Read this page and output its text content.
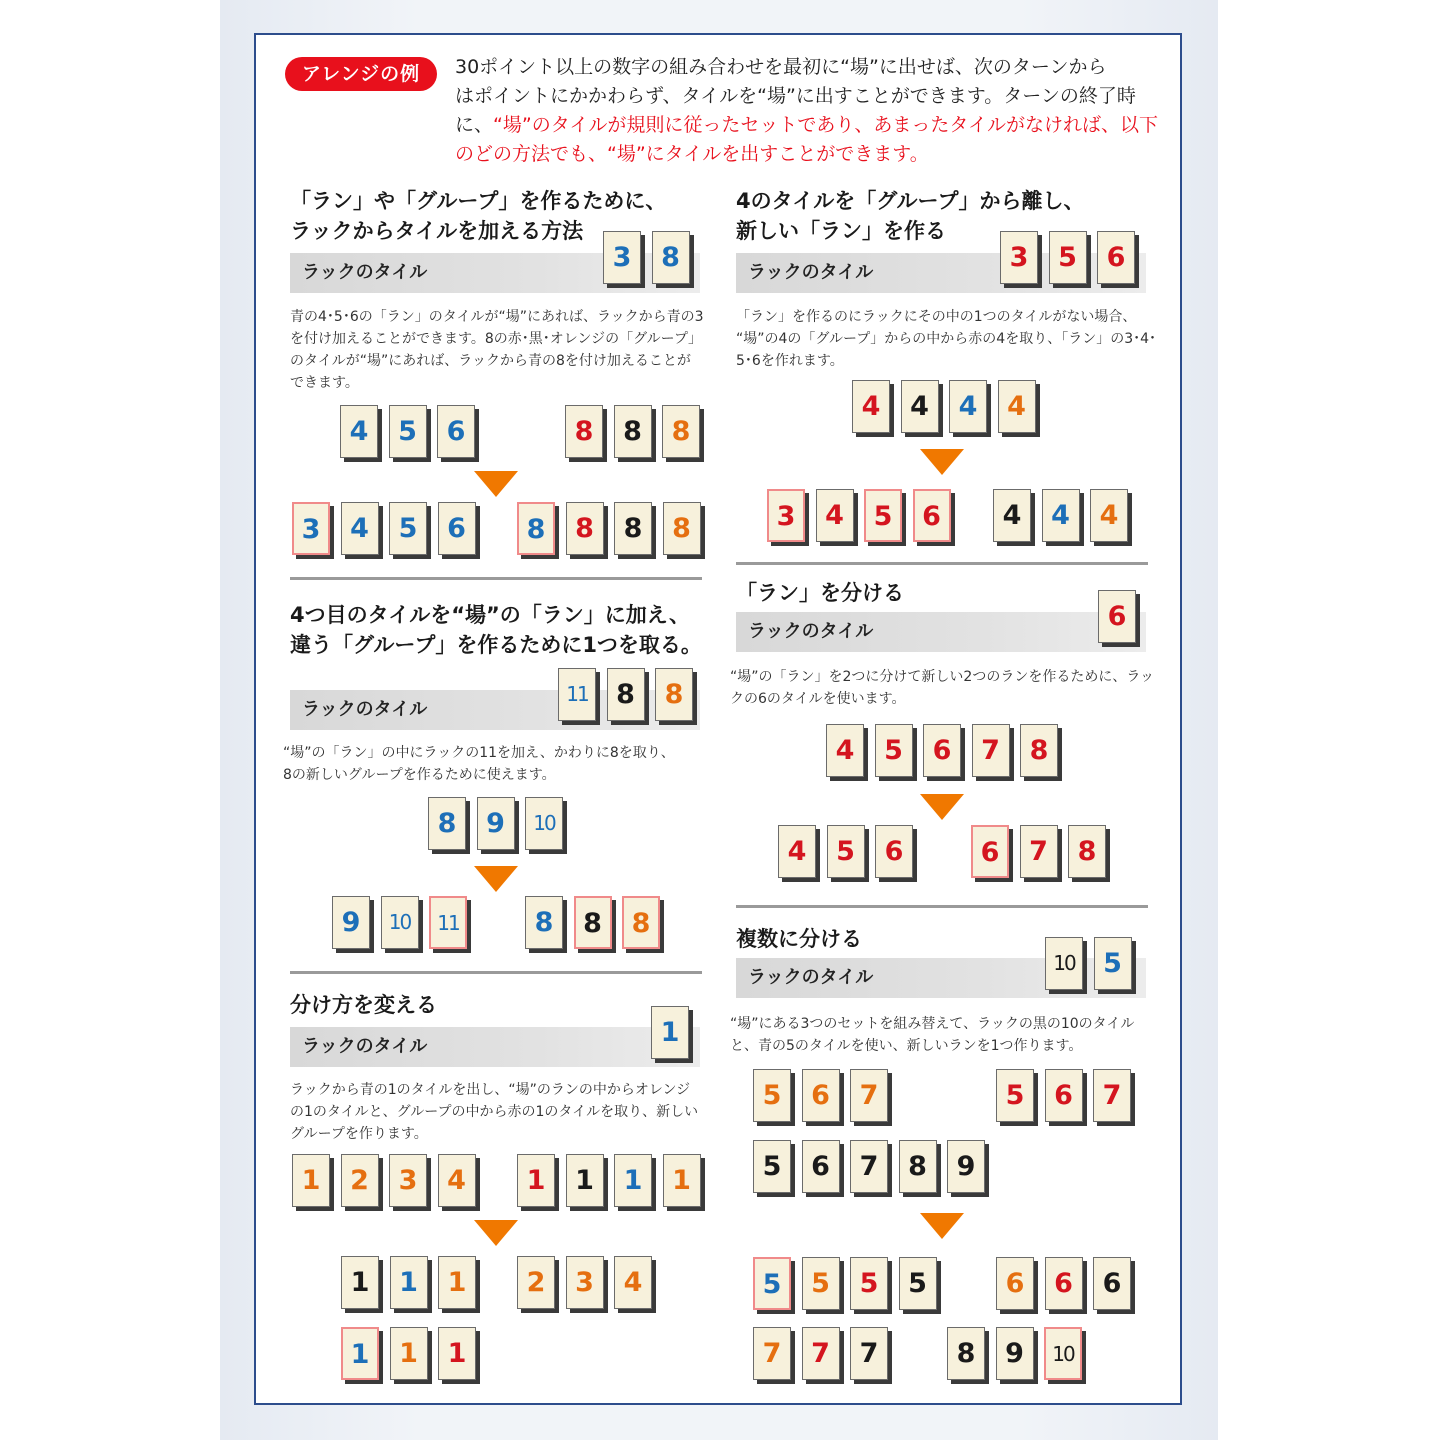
アレンジの例	30ポイント以上の数字の組み合わせを最初に“場”に出せば、次のターンから
はポイントにかかわらず、タイルを“場”に出すことができます。ターンの終了時
に、“場”のタイルが規則に従ったセットであり、あまったタイルがなければ、以下
のどの方法でも、“場”にタイルを出すことができます。
「ラン」や「グループ」を作るために、
ラックからタイルを加える方法
ラックのタイル
青の4･5･6の「ラン」のタイルが“場”にあれば、ラックから青の3
を付け加えることができます。8の赤･黒･オレンジの「グループ」
のタイルが“場”にあれば、ラックから青の8を付け加えることが
できます。
3	8
4	5	6	8	8	8
3	4	5	6	8	8	8	8
4のタイルを「グループ」から離し、
新しい「ラン」を作る
ラックのタイル
「ラン」を作るのにラックにその中の1つのタイルがない場合、
“場”の4の「グループ」からの中から赤の4を取り、「ラン」の3･4･
5･6を作れます。
3	5	6
4	4	4	4
3	4	5	6	4	4	4
4つ目のタイルを“場”の「ラン」に加え、
違う「グループ」を作るために1つを取る。
ラックのタイル
“場”の「ラン」の中にラックの11を加え、かわりに8を取り、
8の新しいグループを作るために使えます。
11	8	8
8	9	10
9	10	11	8	8	8
「ラン」を分ける
ラックのタイル
“場”の「ラン」を2つに分けて新しい2つのランを作るために、ラッ
クの6のタイルを使います。
6
4	5	6	7	8
4	5	6	6	7	8
分け方を変える
ラックのタイル
ラックから青の1のタイルを出し、“場”のランの中からオレンジ
の1のタイルと、グループの中から赤の1のタイルを取り、新しい
グループを作ります。
1
1	2	3	4	1	1	1	1
1	1	1	2	3	4
1	1	1
複数に分ける
ラックのタイル
“場”にある3つのセットを組み替えて、ラックの黒の10のタイル
と、青の5のタイルを使い、新しいランを1つ作ります。
10	5
5	6	7	5	6	7
5	6	7	8	9
5	5	5	5	6	6	6
7	7	7	8	9	10
